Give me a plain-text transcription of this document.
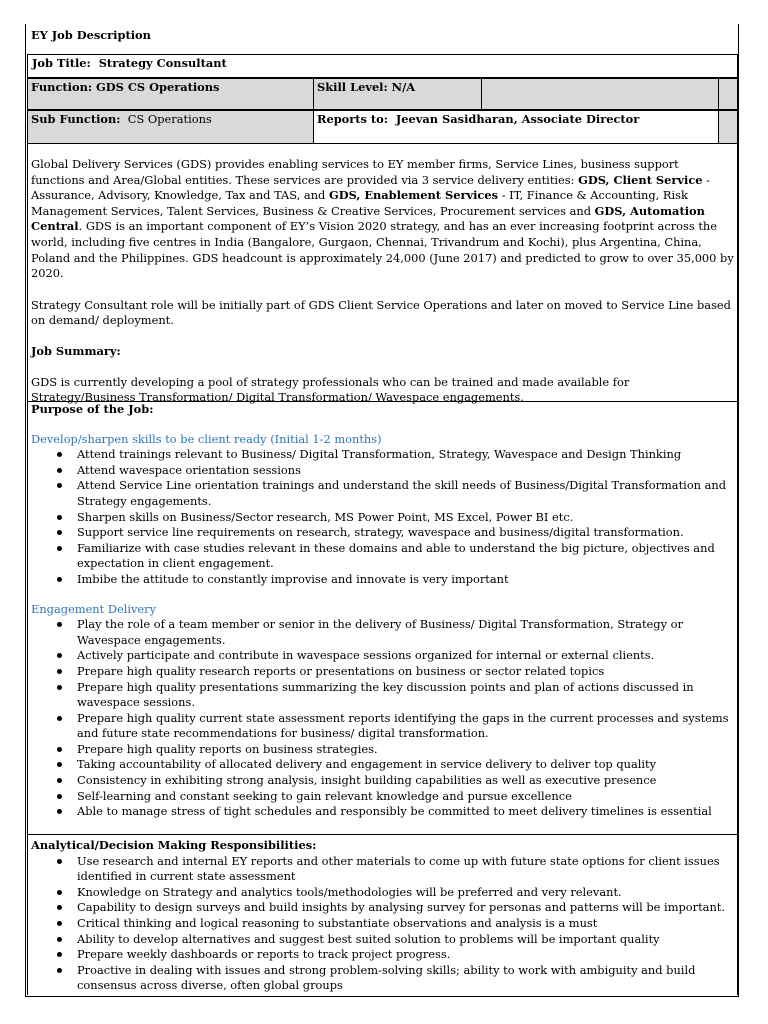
EY Job Description
Job Title: Strategy Consultant
Function: GDS CS Operations	Skill Level: N/A
Sub Function: CS Operations	Reports to: Jeevan Sasidharan, Associate Director

Global Delivery Services (GDS) provides enabling services to EY member firms, Service Lines, business support functions and Area/Global entities. These services are provided via 3 service delivery entities: GDS, Client Service - Assurance, Advisory, Knowledge, Tax and TAS, and GDS, Enablement Services - IT, Finance & Accounting, Risk Management Services, Talent Services, Business & Creative Services, Procurement services and GDS, Automation Central. GDS is an important component of EY’s Vision 2020 strategy, and has an ever increasing footprint across the world, including five centres in India (Bangalore, Gurgaon, Chennai, Trivandrum and Kochi), plus Argentina, China, Poland and the Philippines. GDS headcount is approximately 24,000 (June 2017) and predicted to grow to over 35,000 by 2020.

Strategy Consultant role will be initially part of GDS Client Service Operations and later on moved to Service Line based on demand/ deployment.

Job Summary:

GDS is currently developing a pool of strategy professionals who can be trained and made available for Strategy/Business Transformation/ Digital Transformation/ Wavespace engagements.

Purpose of the Job:

Develop/sharpen skills to be client ready (Initial 1-2 months)

Attend trainings relevant to Business/ Digital Transformation, Strategy, Wavespace and Design Thinking
Attend wavespace orientation sessions
Attend Service Line orientation trainings and understand the skill needs of Business/Digital Transformation and Strategy engagements.
Sharpen skills on Business/Sector research, MS Power Point, MS Excel, Power BI etc.
Support service line requirements on research, strategy, wavespace and business/digital transformation.
Familiarize with case studies relevant in these domains and able to understand the big picture, objectives and expectation in client engagement.
Imbibe the attitude to constantly improvise and innovate is very important

Engagement Delivery

Play the role of a team member or senior in the delivery of Business/ Digital Transformation, Strategy or Wavespace engagements.
Actively participate and contribute in wavespace sessions organized for internal or external clients.
Prepare high quality research reports or presentations on business or sector related topics
Prepare high quality presentations summarizing the key discussion points and plan of actions discussed in wavespace sessions.
Prepare high quality current state assessment reports identifying the gaps in the current processes and systems and future state recommendations for business/ digital transformation.
Prepare high quality reports on business strategies.
Taking accountability of allocated delivery and engagement in service delivery to deliver top quality
Consistency in exhibiting strong analysis, insight building capabilities as well as executive presence
Self-learning and constant seeking to gain relevant knowledge and pursue excellence
Able to manage stress of tight schedules and responsibly be committed to meet delivery timelines is essential

Analytical/Decision Making Responsibilities:

Use research and internal EY reports and other materials to come up with future state options for client issues identified in current state assessment
Knowledge on Strategy and analytics tools/methodologies will be preferred and very relevant.
Capability to design surveys and build insights by analysing survey for personas and patterns will be important.
Critical thinking and logical reasoning to substantiate observations and analysis is a must
Ability to develop alternatives and suggest best suited solution to problems will be important quality
Prepare weekly dashboards or reports to track project progress.
Proactive in dealing with issues and strong problem-solving skills; ability to work with ambiguity and build consensus across diverse, often global groups
